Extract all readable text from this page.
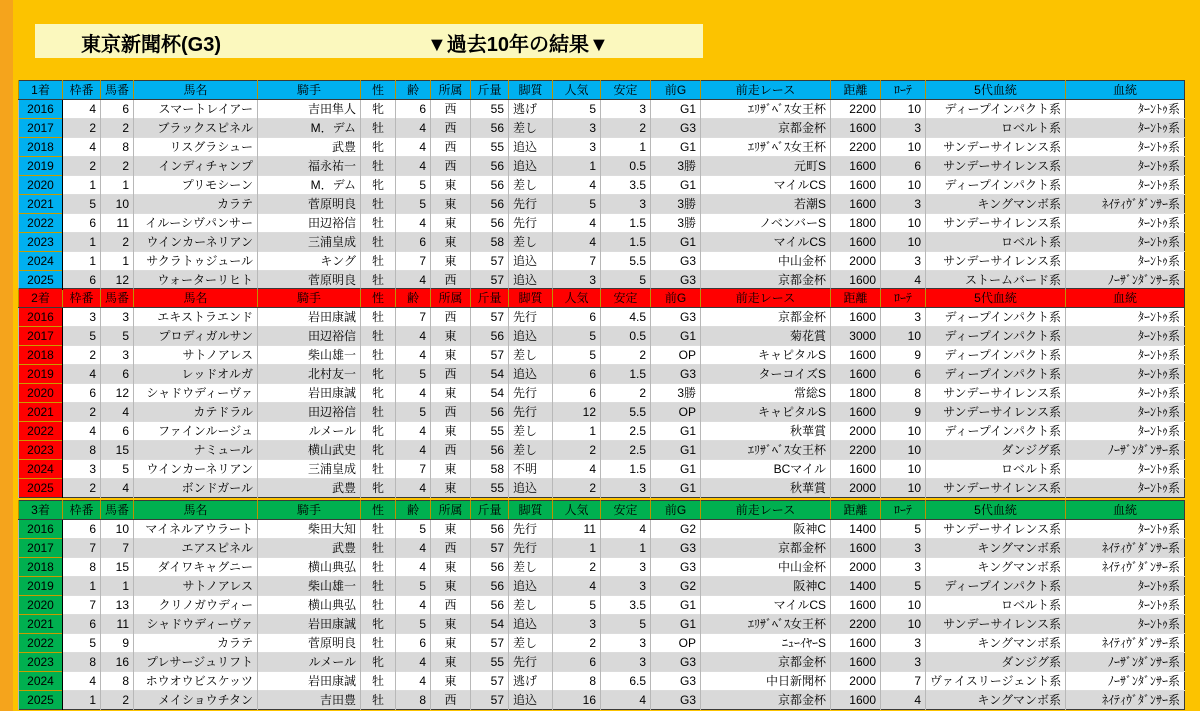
東京新聞杯(G3)	▼過去10年の結果▼
1着	枠番	馬番	馬名	騎手	性	齢	所属	斤量	脚質	人気	安定	前G	前走レース	距離	ﾛｰﾃ	5代血統	血統
2016	4	6	スマートレイアー	吉田隼人	牝	6	西	55	逃げ	5	3	G1	ｴﾘｻﾞﾍﾞｽ女王杯	2200	10	ディープインパクト系	ﾀｰﾝﾄｩ系
2017	2	2	ブラックスピネル	M．デム	牡	4	西	56	差し	3	2	G3	京都金杯	1600	3	ロベルト系	ﾀｰﾝﾄｩ系
2018	4	8	リスグラシュー	武豊	牝	4	西	55	追込	3	1	G1	ｴﾘｻﾞﾍﾞｽ女王杯	2200	10	サンデーサイレンス系	ﾀｰﾝﾄｩ系
2019	2	2	インディチャンプ	福永祐一	牡	4	西	56	追込	1	0.5	3勝	元町S	1600	6	サンデーサイレンス系	ﾀｰﾝﾄｩ系
2020	1	1	プリモシーン	M．デム	牝	5	東	56	差し	4	3.5	G1	マイルCS	1600	10	ディープインパクト系	ﾀｰﾝﾄｩ系
2021	5	10	カラテ	菅原明良	牡	5	東	56	先行	5	3	3勝	若潮S	1600	3	キングマンボ系	ﾈｲﾃｨｳﾞﾀﾞﾝｻｰ系
2022	6	11	イルーシヴパンサー	田辺裕信	牡	4	東	56	先行	4	1.5	3勝	ノベンバーS	1800	10	サンデーサイレンス系	ﾀｰﾝﾄｩ系
2023	1	2	ウインカーネリアン	三浦皇成	牡	6	東	58	差し	4	1.5	G1	マイルCS	1600	10	ロベルト系	ﾀｰﾝﾄｩ系
2024	1	1	サクラトゥジュール	キング	牡	7	東	57	追込	7	5.5	G3	中山金杯	2000	3	サンデーサイレンス系	ﾀｰﾝﾄｩ系
2025	6	12	ウォーターリヒト	菅原明良	牡	4	西	57	追込	3	5	G3	京都金杯	1600	4	ストームバード系	ﾉｰｻﾞﾝﾀﾞﾝｻｰ系
2着	枠番	馬番	馬名	騎手	性	齢	所属	斤量	脚質	人気	安定	前G	前走レース	距離	ﾛｰﾃ	5代血統	血統
2016	3	3	エキストラエンド	岩田康誠	牡	7	西	57	先行	6	4.5	G3	京都金杯	1600	3	ディープインパクト系	ﾀｰﾝﾄｩ系
2017	5	5	プロディガルサン	田辺裕信	牡	4	東	56	追込	5	0.5	G1	菊花賞	3000	10	ディープインパクト系	ﾀｰﾝﾄｩ系
2018	2	3	サトノアレス	柴山雄一	牡	4	東	57	差し	5	2	OP	キャピタルS	1600	9	ディープインパクト系	ﾀｰﾝﾄｩ系
2019	4	6	レッドオルガ	北村友一	牝	5	西	54	追込	6	1.5	G3	ターコイズS	1600	6	ディープインパクト系	ﾀｰﾝﾄｩ系
2020	6	12	シャドウディーヴァ	岩田康誠	牝	4	東	54	先行	6	2	3勝	常総S	1800	8	サンデーサイレンス系	ﾀｰﾝﾄｩ系
2021	2	4	カテドラル	田辺裕信	牡	5	西	56	先行	12	5.5	OP	キャピタルS	1600	9	サンデーサイレンス系	ﾀｰﾝﾄｩ系
2022	4	6	ファインルージュ	ルメール	牝	4	東	55	差し	1	2.5	G1	秋華賞	2000	10	ディープインパクト系	ﾀｰﾝﾄｩ系
2023	8	15	ナミュール	横山武史	牝	4	西	56	差し	2	2.5	G1	ｴﾘｻﾞﾍﾞｽ女王杯	2200	10	ダンジグ系	ﾉｰｻﾞﾝﾀﾞﾝｻｰ系
2024	3	5	ウインカーネリアン	三浦皇成	牡	7	東	58	不明	4	1.5	G1	BCマイル	1600	10	ロベルト系	ﾀｰﾝﾄｩ系
2025	2	4	ボンドガール	武豊	牝	4	東	55	追込	2	3	G1	秋華賞	2000	10	サンデーサイレンス系	ﾀｰﾝﾄｩ系
3着	枠番	馬番	馬名	騎手	性	齢	所属	斤量	脚質	人気	安定	前G	前走レース	距離	ﾛｰﾃ	5代血統	血統
2016	6	10	マイネルアウラート	柴田大知	牡	5	東	56	先行	11	4	G2	阪神C	1400	5	サンデーサイレンス系	ﾀｰﾝﾄｩ系
2017	7	7	エアスピネル	武豊	牡	4	西	57	先行	1	1	G3	京都金杯	1600	3	キングマンボ系	ﾈｲﾃｨｳﾞﾀﾞﾝｻｰ系
2018	8	15	ダイワキャグニー	横山典弘	牡	4	東	56	差し	2	3	G3	中山金杯	2000	3	キングマンボ系	ﾈｲﾃｨｳﾞﾀﾞﾝｻｰ系
2019	1	1	サトノアレス	柴山雄一	牡	5	東	56	追込	4	3	G2	阪神C	1400	5	ディープインパクト系	ﾀｰﾝﾄｩ系
2020	7	13	クリノガウディー	横山典弘	牡	4	西	56	差し	5	3.5	G1	マイルCS	1600	10	ロベルト系	ﾀｰﾝﾄｩ系
2021	6	11	シャドウディーヴァ	岩田康誠	牝	5	東	54	追込	3	5	G1	ｴﾘｻﾞﾍﾞｽ女王杯	2200	10	サンデーサイレンス系	ﾀｰﾝﾄｩ系
2022	5	9	カラテ	菅原明良	牡	6	東	57	差し	2	3	OP	ﾆｭｰｲﾔｰS	1600	3	キングマンボ系	ﾈｲﾃｨｳﾞﾀﾞﾝｻｰ系
2023	8	16	プレサージュリフト	ルメール	牝	4	東	55	先行	6	3	G3	京都金杯	1600	3	ダンジグ系	ﾉｰｻﾞﾝﾀﾞﾝｻｰ系
2024	4	8	ホウオウビスケッツ	岩田康誠	牡	4	東	57	逃げ	8	6.5	G3	中日新聞杯	2000	7	ヴァイスリージェント系	ﾉｰｻﾞﾝﾀﾞﾝｻｰ系
2025	1	2	メイショウチタン	吉田豊	牡	8	西	57	追込	16	4	G3	京都金杯	1600	4	キングマンボ系	ﾈｲﾃｨｳﾞﾀﾞﾝｻｰ系
